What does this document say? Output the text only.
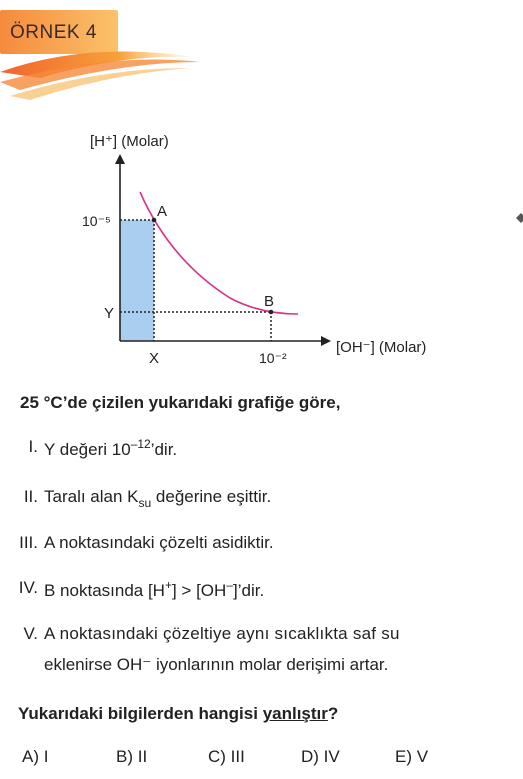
ÖRNEK 4
[H⁺] (Molar)
[OH⁻] (Molar)
10⁻⁵
Y
X	10⁻²
A
B
25 °C’de çizilen yukarıdaki grafiğe göre,
I. Y değeri $10^{-12}’dir$.
II. Taralı alan $K_{su}$ değerine eşittir.
III. A noktasındaki çözelti asidiktir.
IV. B noktasında [H+] > [OH–]’dir.
V. A noktasındaki çözeltiye aynı sıcaklıkta saf su
eklenirse OH⁻ iyonlarının molar derişimi artar.
Yukarıdaki bilgilerden hangisi yanlıştır?
A) I	B) II	C) III	D) IV	E) V
